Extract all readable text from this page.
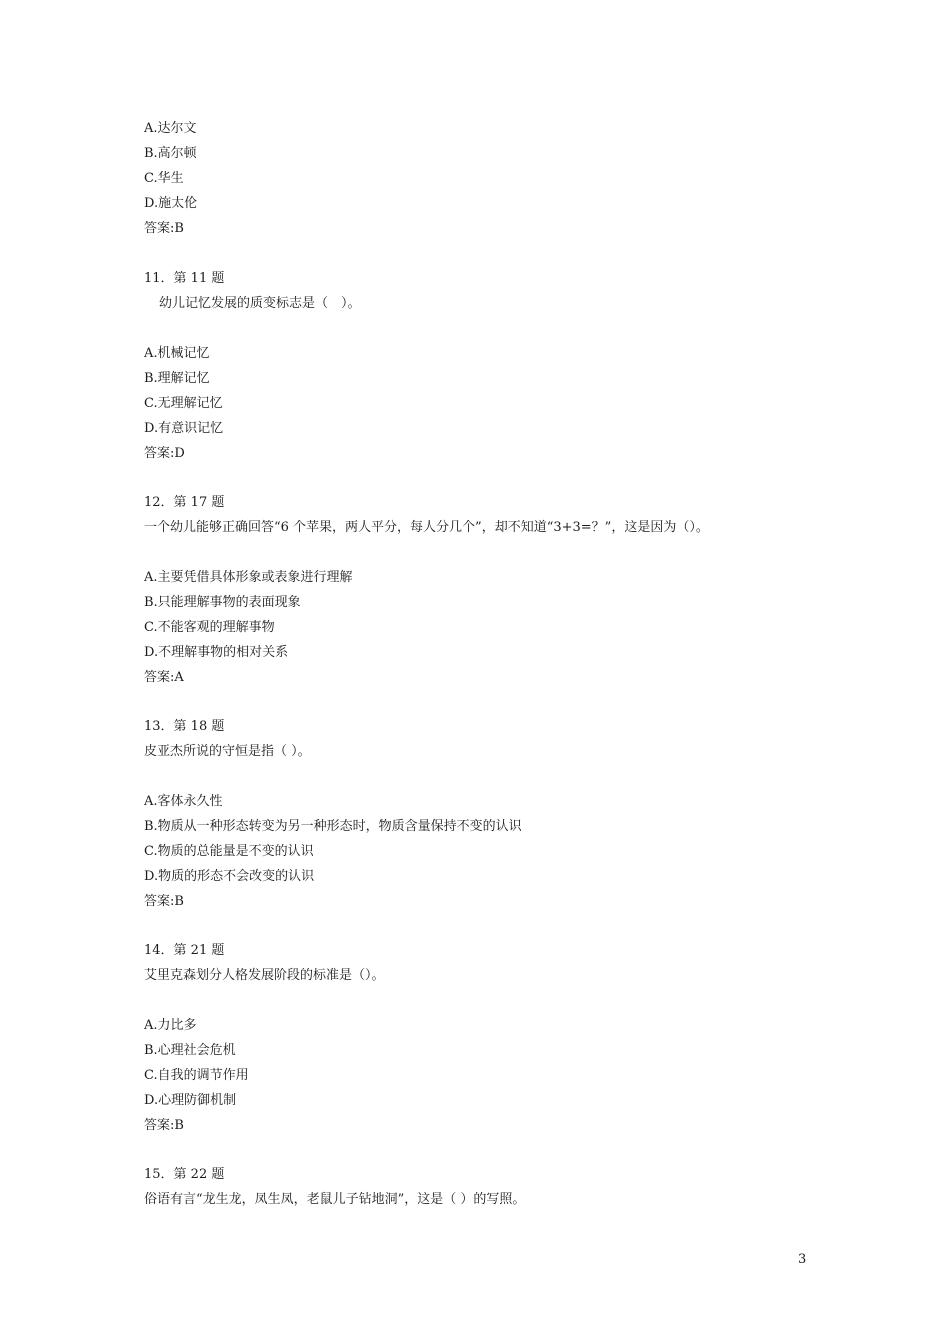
A.达尔文
B.高尔顿
C.华生
D.施太伦
答案:B
11．第 11 题
幼儿记忆发展的质变标志是（　）。
A.机械记忆
B.理解记忆
C.无理解记忆
D.有意识记忆
答案:D
12．第 17 题
一个幼儿能够正确回答“6 个苹果，两人平分，每人分几个”，却不知道“3+3=？”，这是因为（）。
A.主要凭借具体形象或表象进行理解
B.只能理解事物的表面现象
C.不能客观的理解事物
D.不理解事物的相对关系
答案:A
13．第 18 题
皮亚杰所说的守恒是指（ ）。
A.客体永久性
B.物质从一种形态转变为另一种形态时，物质含量保持不变的认识
C.物质的总能量是不变的认识
D.物质的形态不会改变的认识
答案:B
14．第 21 题
艾里克森划分人格发展阶段的标准是（）。
A.力比多
B.心理社会危机
C.自我的调节作用
D.心理防御机制
答案:B
15．第 22 题
俗语有言“龙生龙，凤生凤，老鼠儿子钻地洞”，这是（ ）的写照。
3
